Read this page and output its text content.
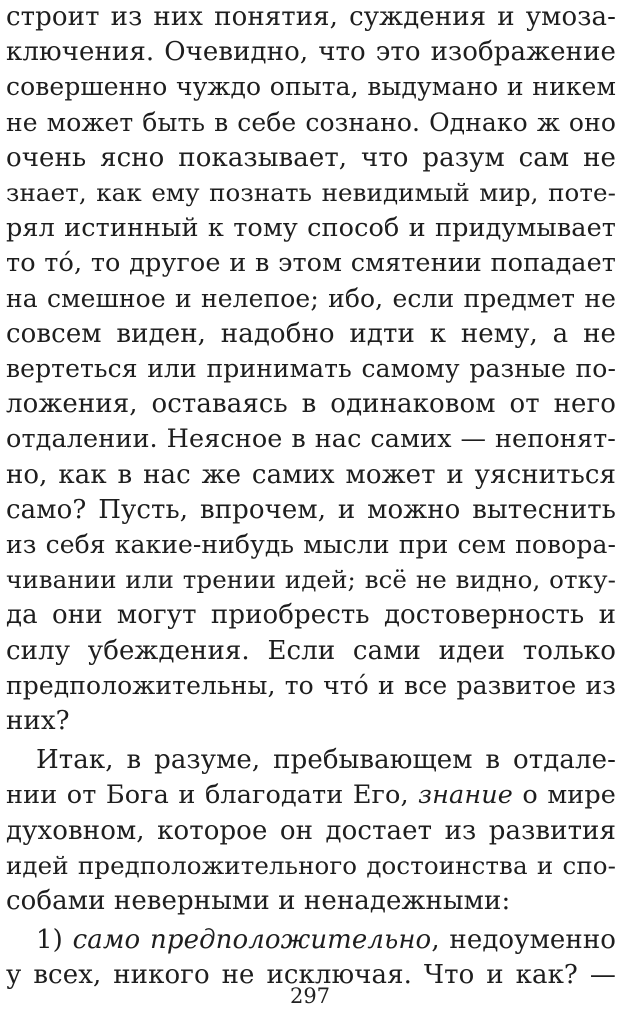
строит из них понятия, суждения и умоза-
ключения. Очевидно, что это изображение
совершенно чуждо опыта, выдумано и никем
не может быть в себе сознано. Однако ж оно
очень ясно показывает, что разум сам не
знает, как ему познать невидимый мир, поте-
рял истинный к тому способ и придумывает
то тó, то другое и в этом смятении попадает
на смешное и нелепое; ибо, если предмет не
совсем виден, надобно идти к нему, а не
вертеться или принимать самому разные по-
ложения, оставаясь в одинаковом от него
отдалении. Неясное в нас самих — непонят-
но, как в нас же самих может и уясниться
само? Пусть, впрочем, и можно вытеснить
из себя какие-нибудь мысли при сем повора-
чивании или трении идей; всё не видно, отку-
да они могут приобресть достоверность и
силу убеждения. Если сами идеи только
предположительны, то чтó и все развитое из
них?
Итак, в разуме, пребывающем в отдале-
нии от Бога и благодати Его, знание о мире
духовном, которое он достает из развития
идей предположительного достоинства и спо-
собами неверными и ненадежными:
297
1) само предположительно, недоуменно
у всех, никого не исключая. Что и как? —
